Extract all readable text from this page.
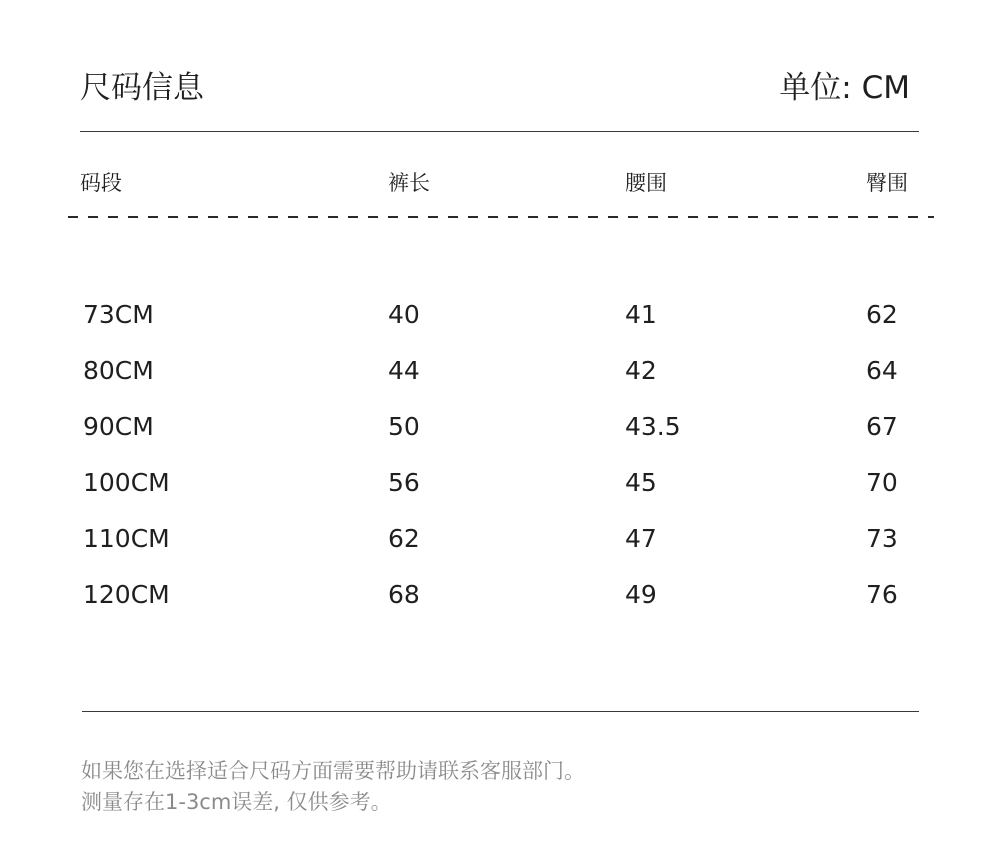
尺码信息	单位: CM
码段	裤长	腰围	臀围
73CM	40	41	62
80CM	44	42	64
90CM	50	43.5	67
100CM	56	45	70
110CM	62	47	73
120CM	68	49	76
如果您在选择适合尺码方面需要帮助请联系客服部门。
测量存在1-3cm误差, 仅供参考。
